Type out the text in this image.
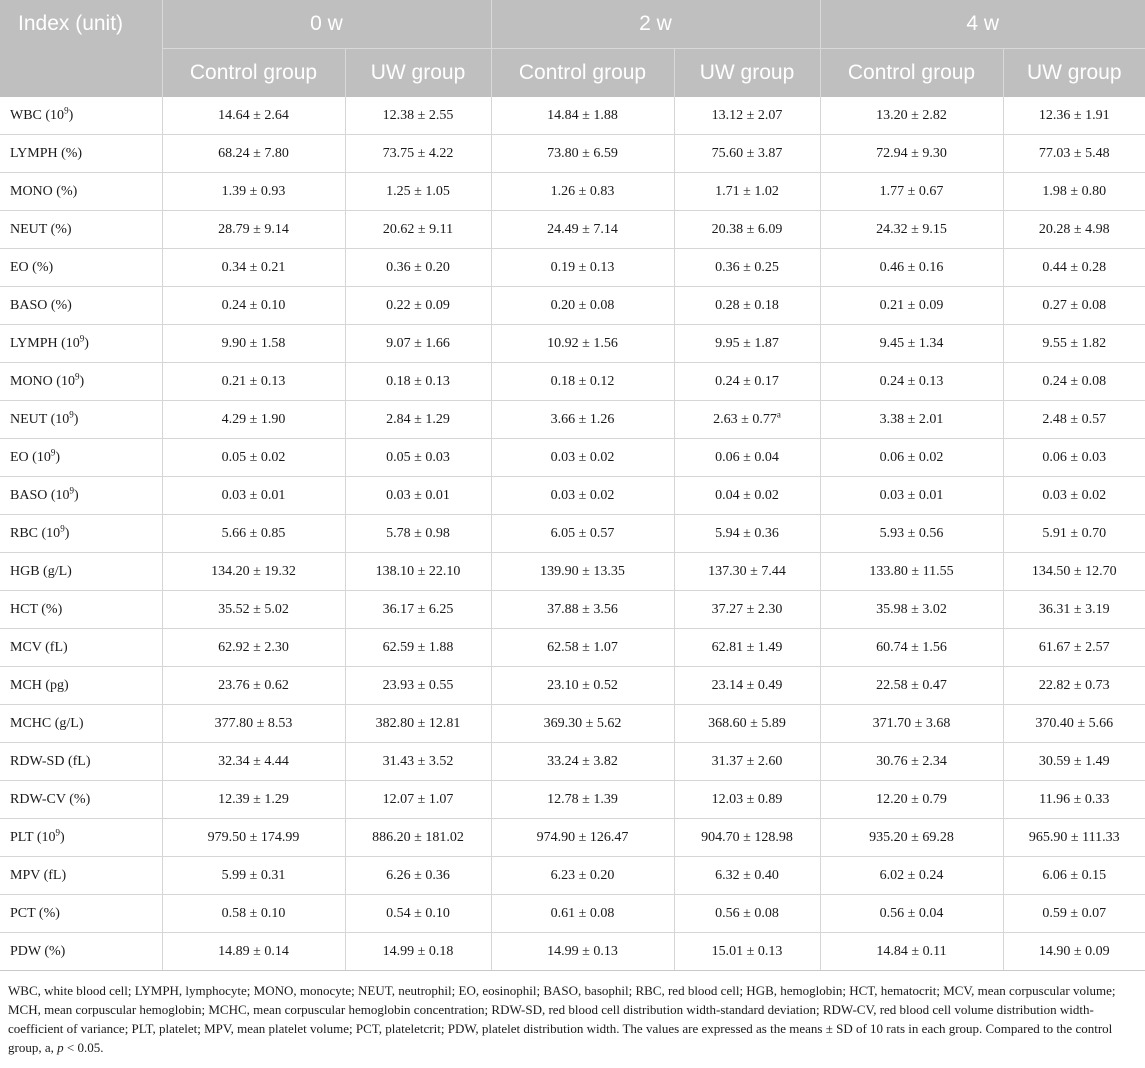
Index (unit)	0 w		2 w		4 w	
	Control group	UW group	Control group	UW group	Control group	UW group
WBC $(10^9)$	14.64 ± 2.64	12.38 ± 2.55	14.84 ± 1.88	13.12 ± 2.07	13.20 ± 2.82	12.36 ± 1.91
LYMPH (%)	68.24 ± 7.80	73.75 ± 4.22	73.80 ± 6.59	75.60 ± 3.87	72.94 ± 9.30	77.03 ± 5.48
MONO (%)	1.39 ± 0.93	1.25 ± 1.05	1.26 ± 0.83	1.71 ± 1.02	1.77 ± 0.67	1.98 ± 0.80
NEUT (%)	28.79 ± 9.14	20.62 ± 9.11	24.49 ± 7.14	20.38 ± 6.09	24.32 ± 9.15	20.28 ± 4.98
EO (%)	0.34 ± 0.21	0.36 ± 0.20	0.19 ± 0.13	0.36 ± 0.25	0.46 ± 0.16	0.44 ± 0.28
BASO (%)	0.24 ± 0.10	0.22 ± 0.09	0.20 ± 0.08	0.28 ± 0.18	0.21 ± 0.09	0.27 ± 0.08
LYMPH $(10^9)$	9.90 ± 1.58	9.07 ± 1.66	10.92 ± 1.56	9.95 ± 1.87	9.45 ± 1.34	9.55 ± 1.82
MONO $(10^9)$	0.21 ± 0.13	0.18 ± 0.13	0.18 ± 0.12	0.24 ± 0.17	0.24 ± 0.13	0.24 ± 0.08
NEUT $(10^9)$	4.29 ± 1.90	2.84 ± 1.29	3.66 ± 1.26	2.63 ± 0.77$^a$	3.38 ± 2.01	2.48 ± 0.57
EO $(10^9)$	0.05 ± 0.02	0.05 ± 0.03	0.03 ± 0.02	0.06 ± 0.04	0.06 ± 0.02	0.06 ± 0.03
BASO $(10^9)$	0.03 ± 0.01	0.03 ± 0.01	0.03 ± 0.02	0.04 ± 0.02	0.03 ± 0.01	0.03 ± 0.02
RBC $(10^9)$	5.66 ± 0.85	5.78 ± 0.98	6.05 ± 0.57	5.94 ± 0.36	5.93 ± 0.56	5.91 ± 0.70
HGB (g/L)	134.20 ± 19.32	138.10 ± 22.10	139.90 ± 13.35	137.30 ± 7.44	133.80 ± 11.55	134.50 ± 12.70
HCT (%)	35.52 ± 5.02	36.17 ± 6.25	37.88 ± 3.56	37.27 ± 2.30	35.98 ± 3.02	36.31 ± 3.19
MCV (fL)	62.92 ± 2.30	62.59 ± 1.88	62.58 ± 1.07	62.81 ± 1.49	60.74 ± 1.56	61.67 ± 2.57
MCH (pg)	23.76 ± 0.62	23.93 ± 0.55	23.10 ± 0.52	23.14 ± 0.49	22.58 ± 0.47	22.82 ± 0.73
MCHC (g/L)	377.80 ± 8.53	382.80 ± 12.81	369.30 ± 5.62	368.60 ± 5.89	371.70 ± 3.68	370.40 ± 5.66
RDW-SD (fL)	32.34 ± 4.44	31.43 ± 3.52	33.24 ± 3.82	31.37 ± 2.60	30.76 ± 2.34	30.59 ± 1.49
RDW-CV (%)	12.39 ± 1.29	12.07 ± 1.07	12.78 ± 1.39	12.03 ± 0.89	12.20 ± 0.79	11.96 ± 0.33
PLT $(10^9)$	979.50 ± 174.99	886.20 ± 181.02	974.90 ± 126.47	904.70 ± 128.98	935.20 ± 69.28	965.90 ± 111.33
MPV (fL)	5.99 ± 0.31	6.26 ± 0.36	6.23 ± 0.20	6.32 ± 0.40	6.02 ± 0.24	6.06 ± 0.15
PCT (%)	0.58 ± 0.10	0.54 ± 0.10	0.61 ± 0.08	0.56 ± 0.08	0.56 ± 0.04	0.59 ± 0.07
PDW (%)	14.89 ± 0.14	14.99 ± 0.18	14.99 ± 0.13	15.01 ± 0.13	14.84 ± 0.11	14.90 ± 0.09
WBC, white blood cell; LYMPH, lymphocyte; MONO, monocyte; NEUT, neutrophil; EO, eosinophil; BASO, basophil; RBC, red blood cell; HGB, hemoglobin; HCT, hematocrit; MCV, mean corpuscular volume; MCH, mean corpuscular hemoglobin; MCHC, mean corpuscular hemoglobin concentration; RDW-SD, red blood cell distribution width-standard deviation; RDW-CV, red blood cell volume distribution width-coefficient of variance; PLT, platelet; MPV, mean platelet volume; PCT, plateletcrit; PDW, platelet distribution width. The values are expressed as the means ± SD of 10 rats in each group. Compared to the control group, a, p < 0.05.
